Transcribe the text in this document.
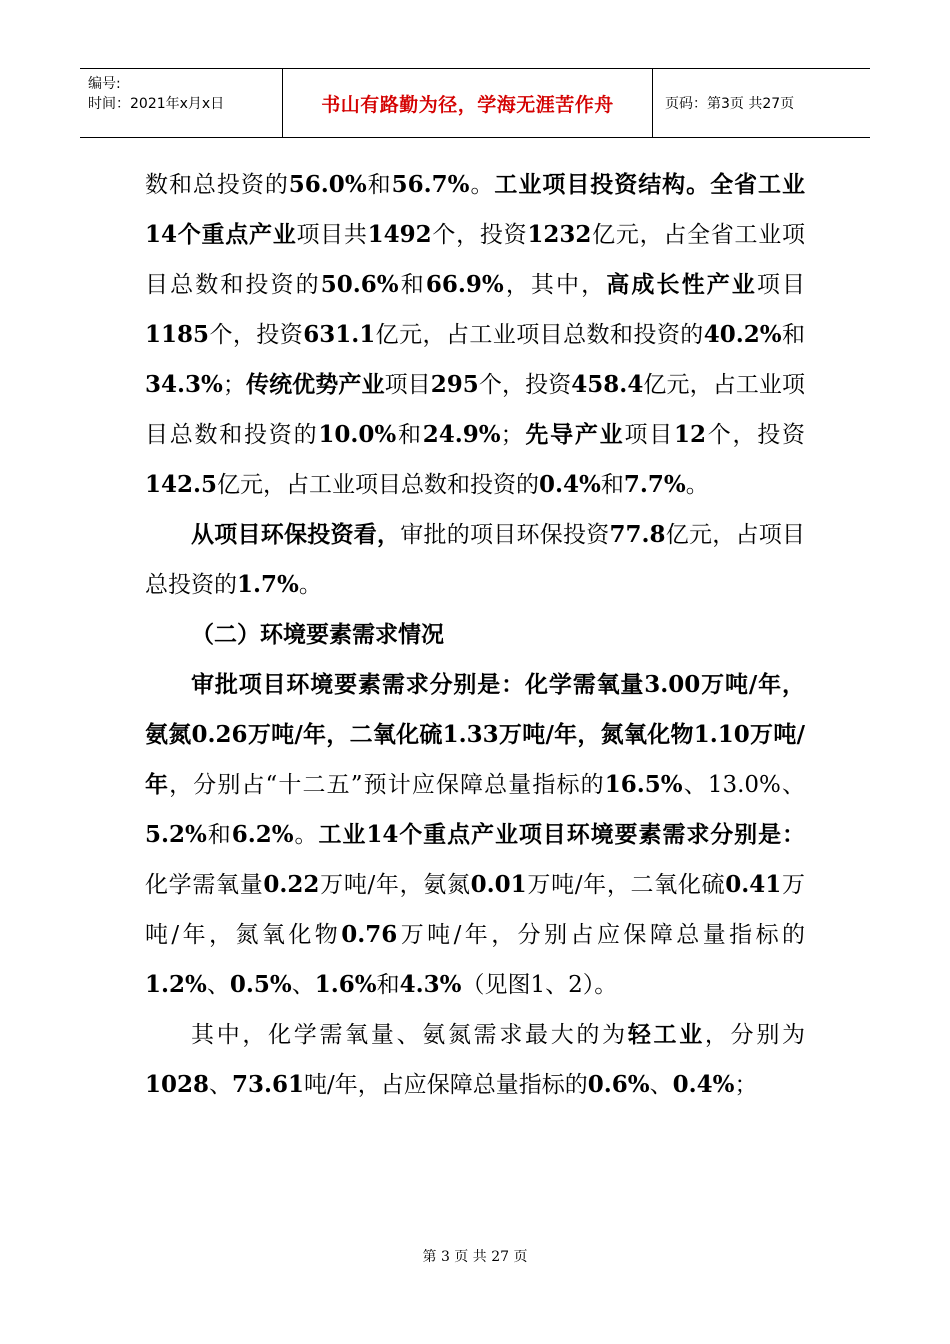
编号:
时间：2021年x月x日	书山有路勤为径，学海无涯苦作舟	页码：第3页 共27页

数和总投资的56.0%和56.7%。工业项目投资结构。全省工业14个重点产业项目共1492个，投资1232亿元，占全省工业项目总数和投资的50.6%和66.9%，其中，高成长性产业项目1185个，投资631.1亿元，占工业项目总数和投资的40.2%和34.3%；传统优势产业项目295个，投资458.4亿元，占工业项目总数和投资的10.0%和24.9%；先导产业项目12个，投资142.5亿元，占工业项目总数和投资的0.4%和7.7%。

从项目环保投资看，审批的项目环保投资77.8亿元，占项目总投资的1.7%。

（二）环境要素需求情况

审批项目环境要素需求分别是：化学需氧量3.00万吨/年，氨氮0.26万吨/年，二氧化硫1.33万吨/年，氮氧化物1.10万吨/年，分别占“十二五”预计应保障总量指标的16.5%、13.0%、5.2%和6.2%。工业14个重点产业项目环境要素需求分别是：化学需氧量0.22万吨/年，氨氮0.01万吨/年，二氧化硫0.41万吨/年，氮氧化物0.76万吨/年，分别占应保障总量指标的1.2%、0.5%、1.6%和4.3%（见图1、2）。

其中，化学需氧量、氨氮需求最大的为轻工业，分别为1028、73.61吨/年，占应保障总量指标的0.6%、0.4%；

第 3 页 共 27 页
